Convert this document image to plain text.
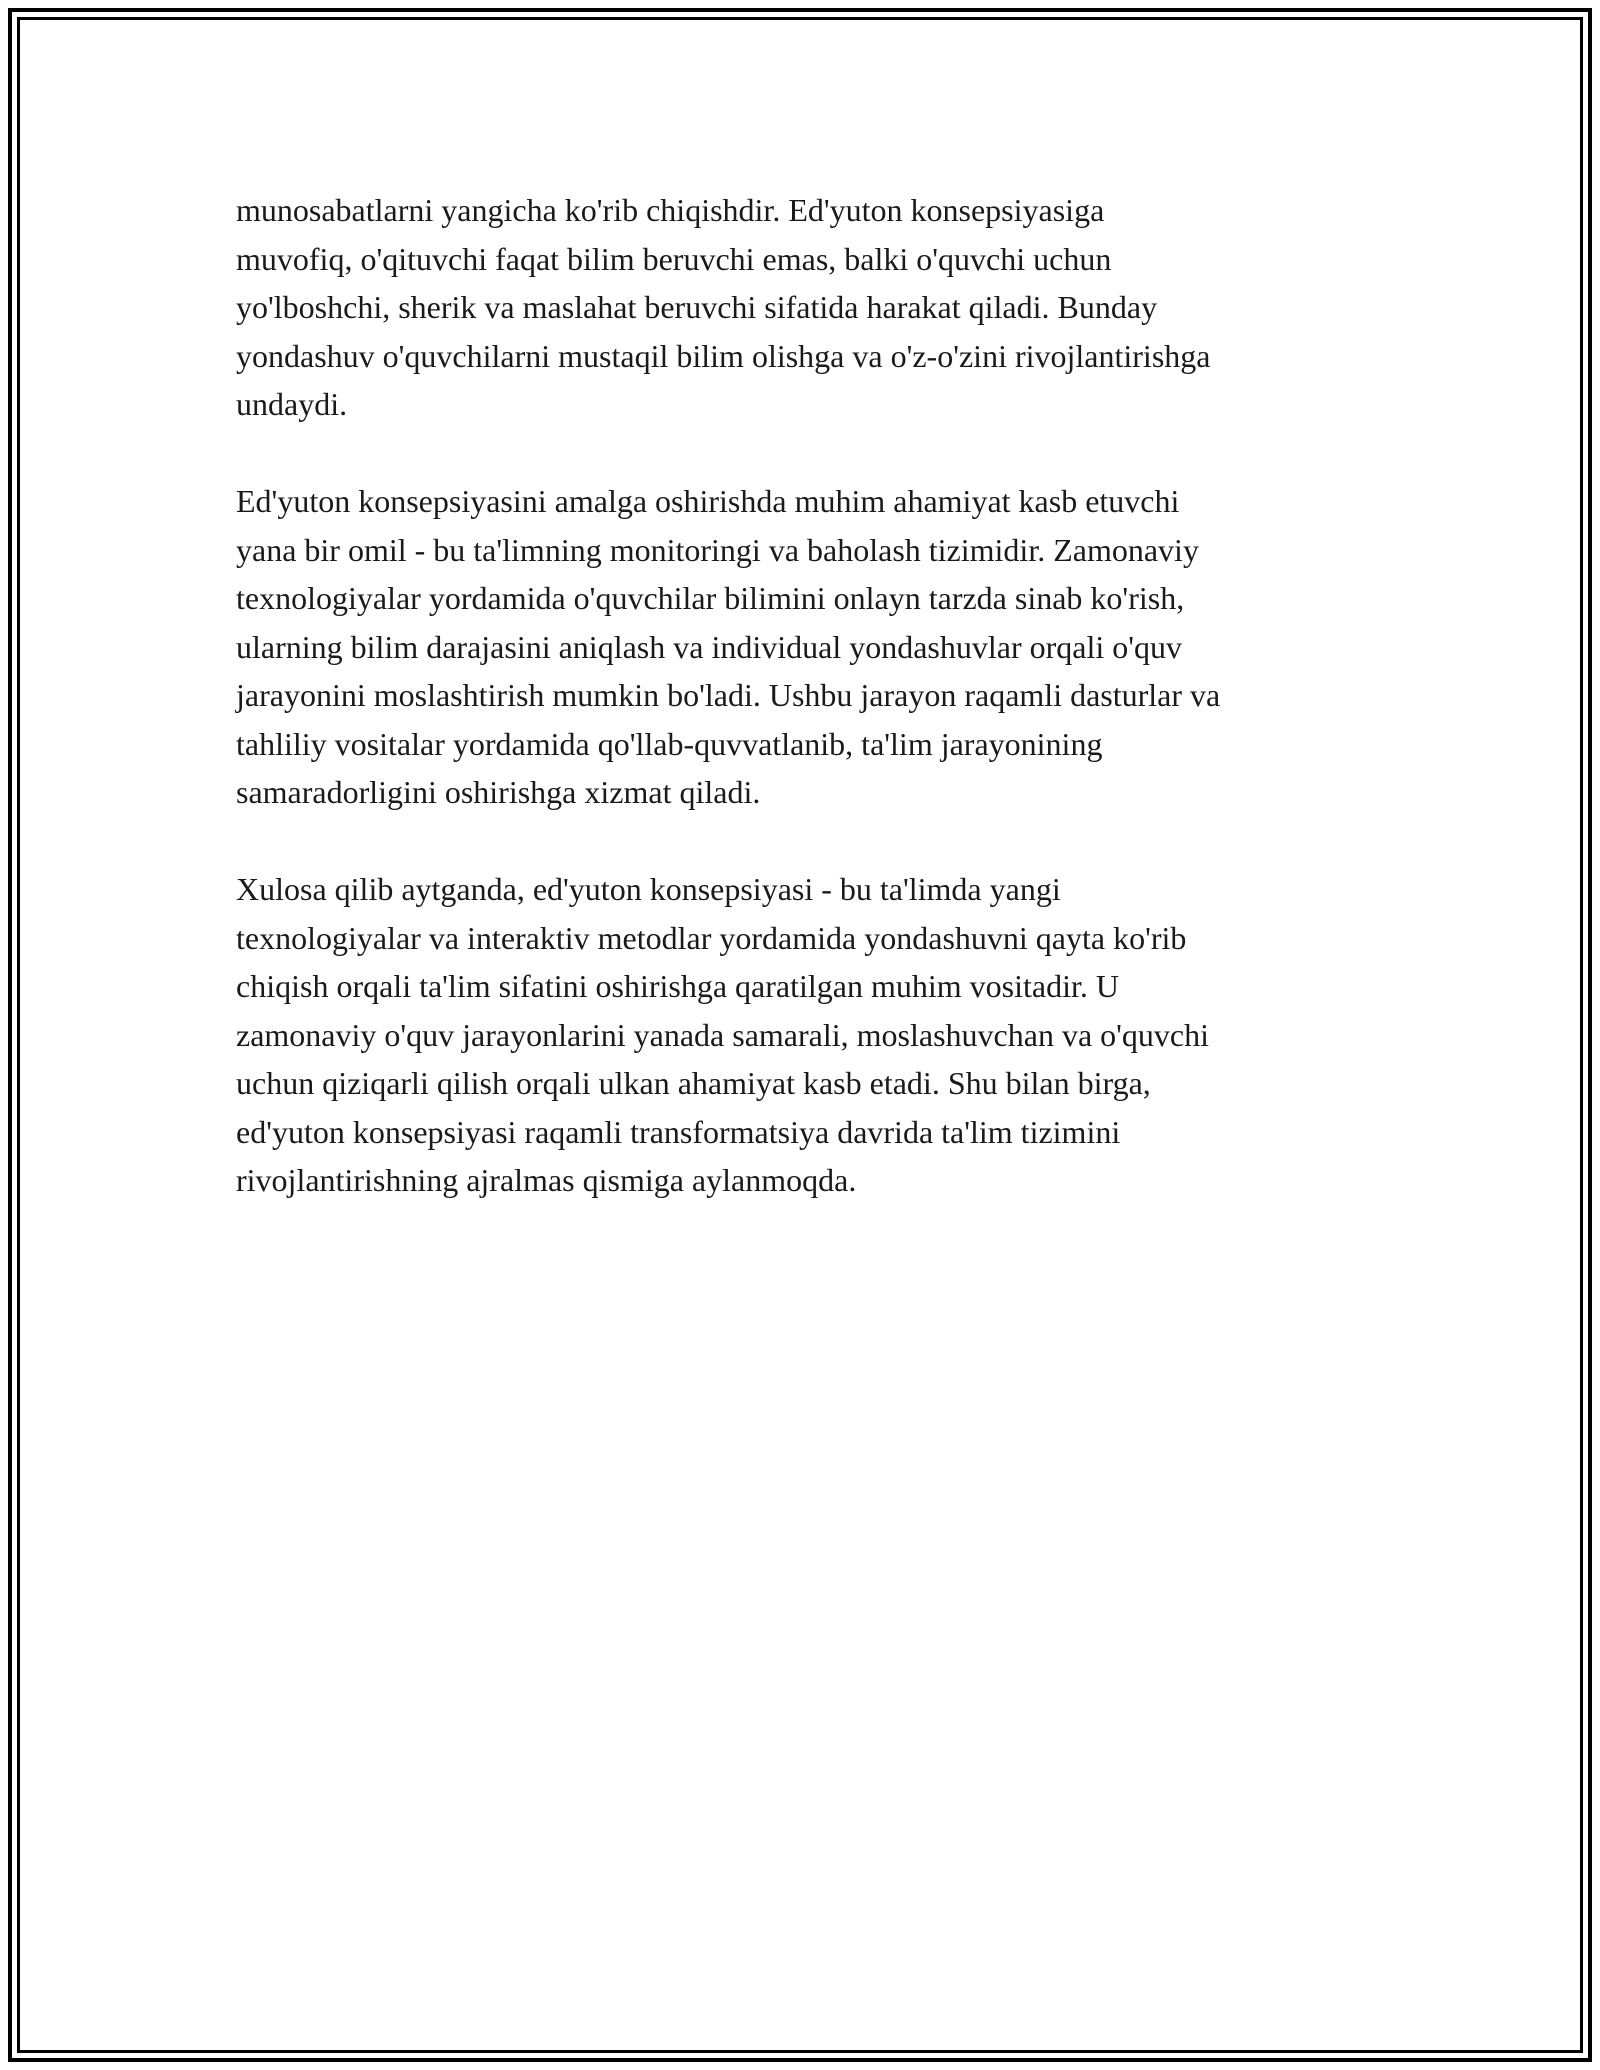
munosabatlarni yangicha ko'rib chiqishdir. Ed'yuton konsepsiyasiga
muvofiq, o'qituvchi faqat bilim beruvchi emas, balki o'quvchi uchun
yo'lboshchi, sherik va maslahat beruvchi sifatida harakat qiladi. Bunday
yondashuv o'quvchilarni mustaqil bilim olishga va o'z-o'zini rivojlantirishga
undaydi.

Ed'yuton konsepsiyasini amalga oshirishda muhim ahamiyat kasb etuvchi
yana bir omil - bu ta'limning monitoringi va baholash tizimidir. Zamonaviy
texnologiyalar yordamida o'quvchilar bilimini onlayn tarzda sinab ko'rish,
ularning bilim darajasini aniqlash va individual yondashuvlar orqali o'quv
jarayonini moslashtirish mumkin bo'ladi. Ushbu jarayon raqamli dasturlar va
tahliliy vositalar yordamida qo'llab-quvvatlanib, ta'lim jarayonining
samaradorligini oshirishga xizmat qiladi.

Xulosa qilib aytganda, ed'yuton konsepsiyasi - bu ta'limda yangi
texnologiyalar va interaktiv metodlar yordamida yondashuvni qayta ko'rib
chiqish orqali ta'lim sifatini oshirishga qaratilgan muhim vositadir. U
zamonaviy o'quv jarayonlarini yanada samarali, moslashuvchan va o'quvchi
uchun qiziqarli qilish orqali ulkan ahamiyat kasb etadi. Shu bilan birga,
ed'yuton konsepsiyasi raqamli transformatsiya davrida ta'lim tizimini
rivojlantirishning ajralmas qismiga aylanmoqda.
